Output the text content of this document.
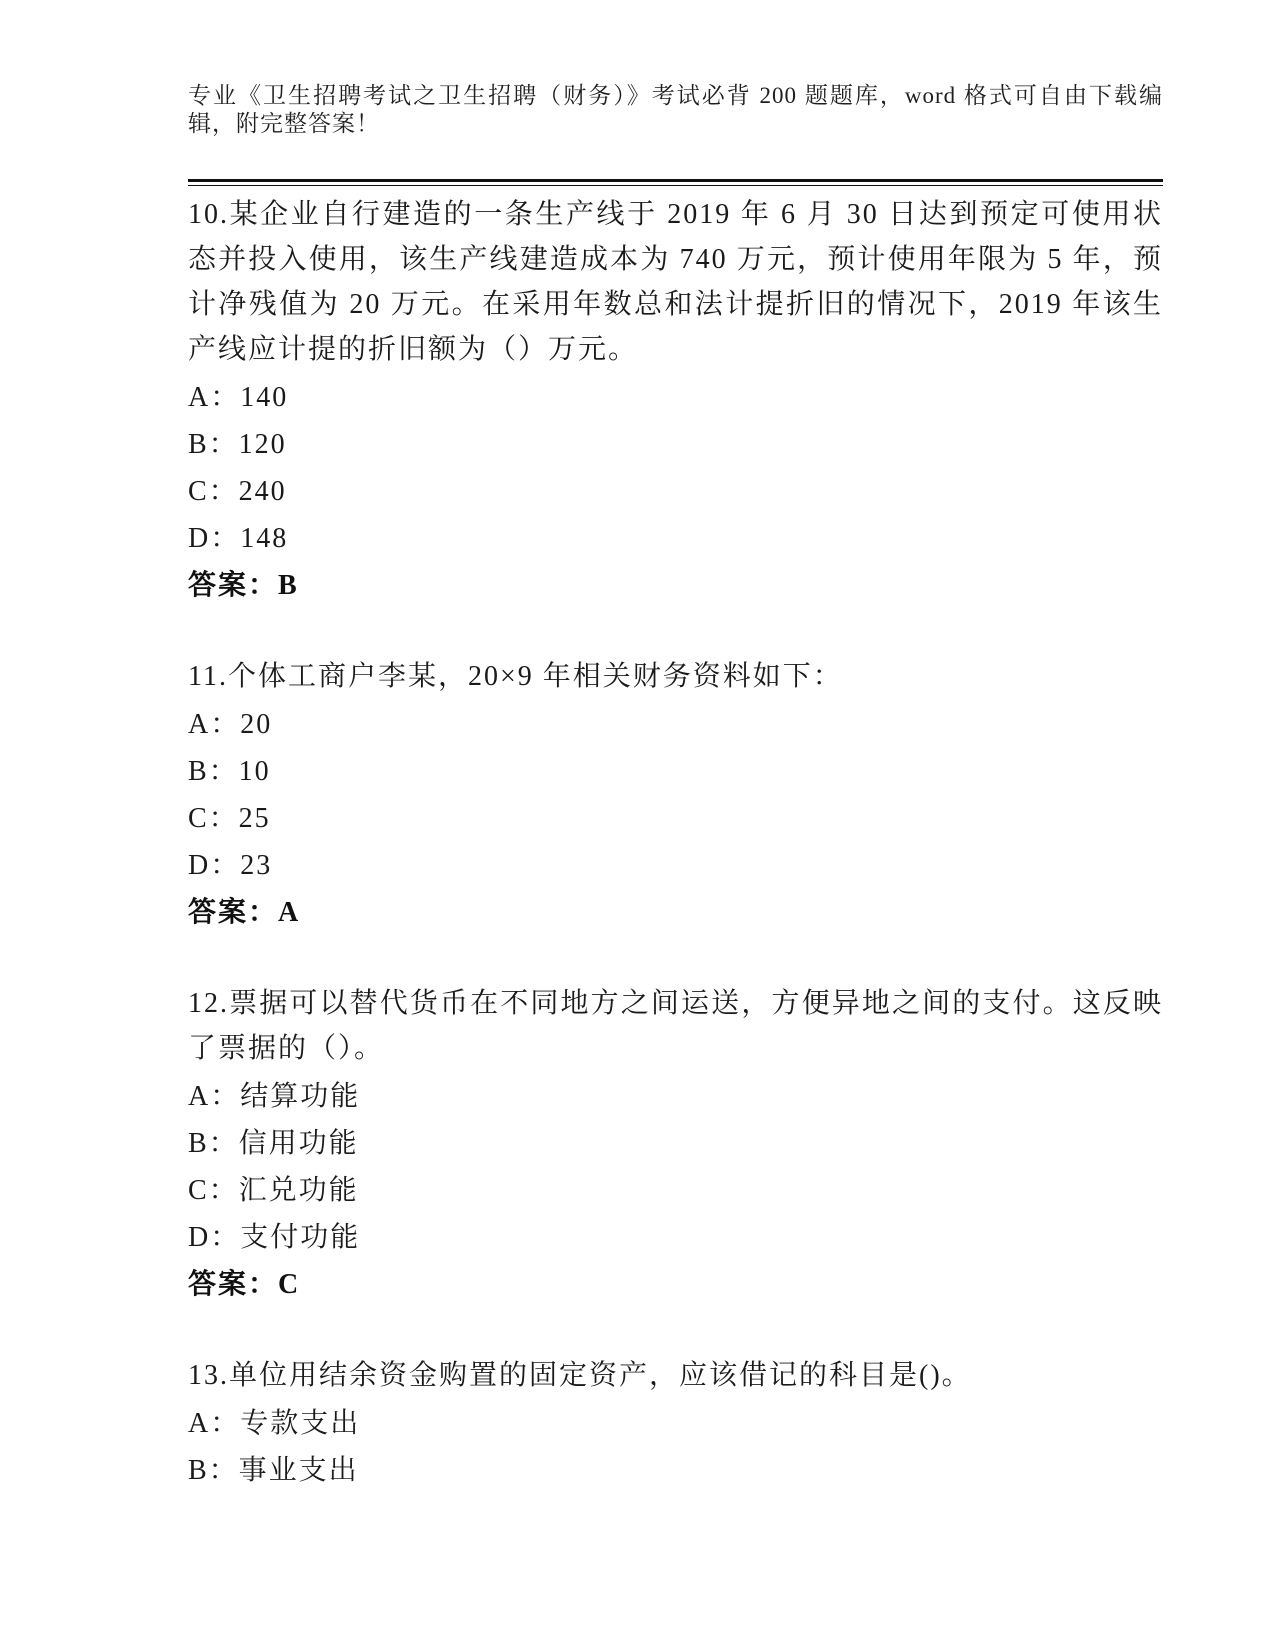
专业《卫生招聘考试之卫生招聘（财务）》考试必背 200 题题库，word 格式可自由下载编辑，附完整答案！

10.某企业自行建造的一条生产线于 2019 年 6 月 30 日达到预定可使用状态并投入使用，该生产线建造成本为 740 万元，预计使用年限为 5 年，预计净残值为 20 万元。在采用年数总和法计提折旧的情况下，2019 年该生产线应计提的折旧额为（）万元。

A：140

B：120

C：240

D：148

答案：B

11.个体工商户李某，20×9 年相关财务资料如下：

A：20

B：10

C：25

D：23

答案：A

12.票据可以替代货币在不同地方之间运送，方便异地之间的支付。这反映了票据的（）。

A：结算功能

B：信用功能

C：汇兑功能

D：支付功能

答案：C

13.单位用结余资金购置的固定资产，应该借记的科目是()。

A：专款支出

B：事业支出
